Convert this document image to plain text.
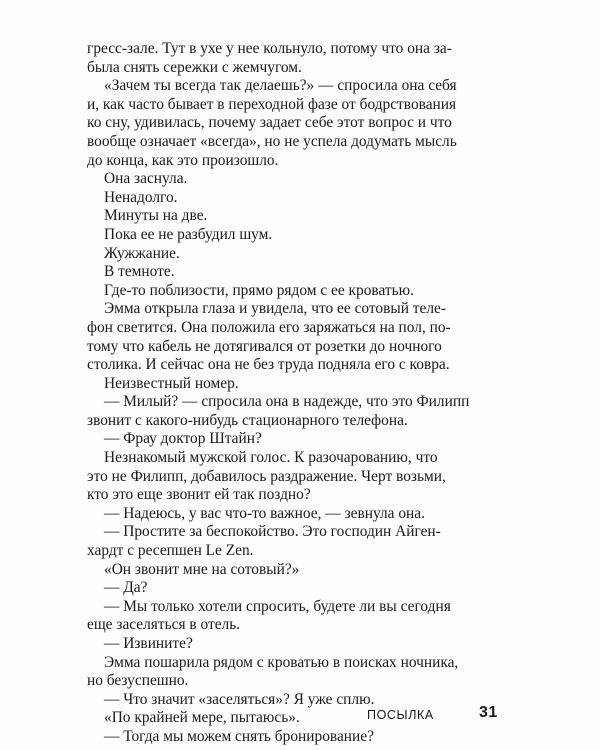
гресс-зале. Тут в ухе у нее кольнуло, потому что она за-
была снять сережки с жемчугом.
«Зачем ты всегда так делаешь?» — спросила она себя
и, как часто бывает в переходной фазе от бодрствования
ко сну, удивилась, почему задает себе этот вопрос и что
вообще означает «всегда», но не успела додумать мысль
до конца, как это произошло.
Она заснула.
Ненадолго.
Минуты на две.
Пока ее не разбудил шум.
Жужжание.
В темноте.
Где-то поблизости, прямо рядом с ее кроватью.
Эмма открыла глаза и увидела, что ее сотовый телe-
фон светится. Она положила его заряжаться на пол, по-
тому что кабель не дотягивался от розетки до ночного
столика. И сейчас она не без труда подняла его с ковра.
Неизвестный номер.
— Милый? — спросила она в надежде, что это Филипп
звонит с какого-нибудь стационарного телефона.
— Фрау доктор Штайн?
Незнакомый мужской голос. К разочарованию, что
это не Филипп, добавилось раздражение. Черт возьми,
кто это еще звонит ей так поздно?
— Надеюсь, у вас что-то важное, — зевнула она.
— Простите за беспокойство. Это господин Айген-
хардт с ресепшен Le Zen.
«Он звонит мне на сотовый?»
— Да?
— Мы только хотели спросить, будете ли вы сегодня
еще заселяться в отель.
— Извините?
Эмма пошарила рядом с кроватью в поисках ночника,
но безуспешно.
— Что значит «заселяться»? Я уже сплю.
«По крайней мере, пытаюсь».
— Тогда мы можем снять бронирование?
ПОСЫЛКА	31
